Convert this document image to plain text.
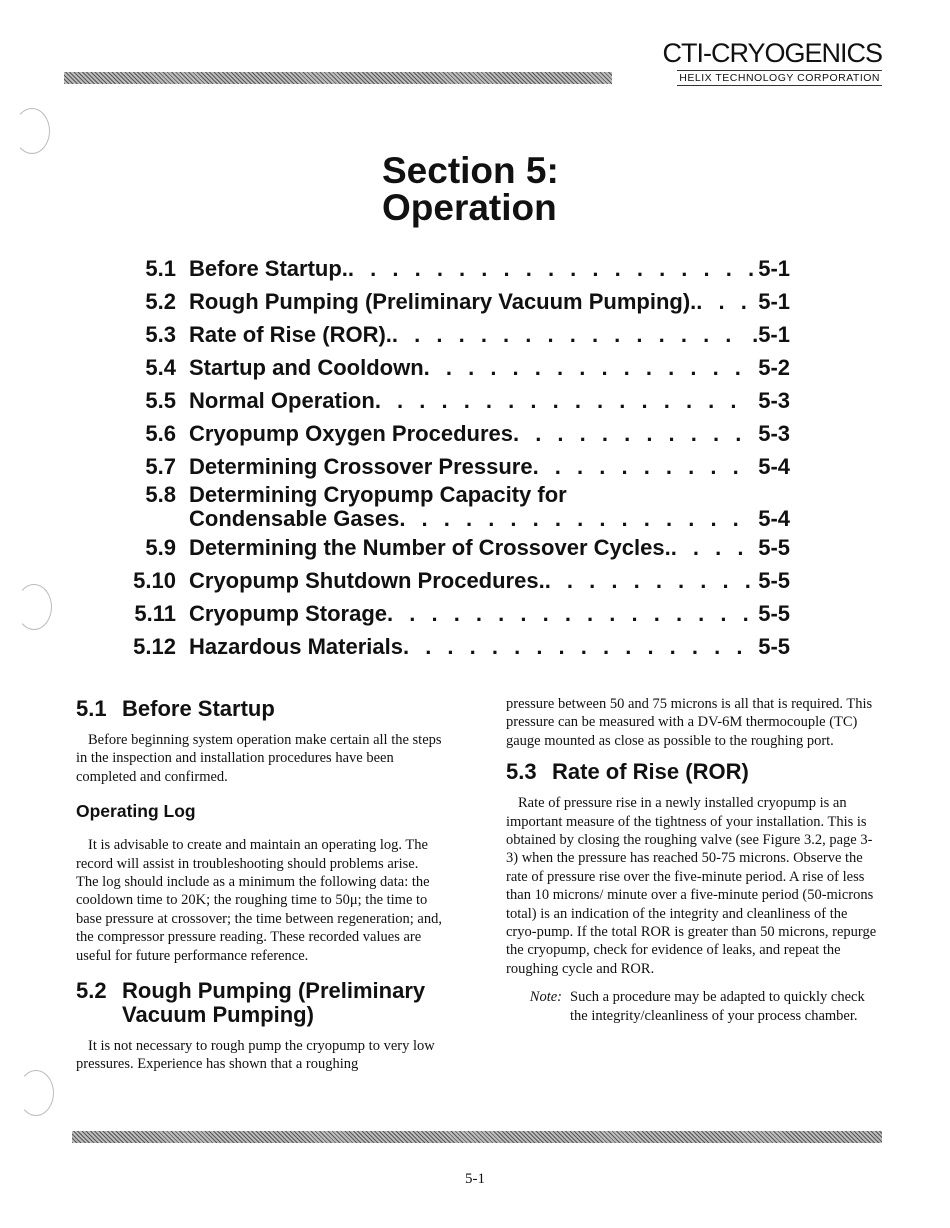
CTI-CRYOGENICS
HELIX TECHNOLOGY CORPORATION
Section 5:
Operation
5.1 Before Startup. . . .	5-1
5.2 Rough Pumping (Preliminary Vacuum Pumping). . . .	5-1
5.3 Rate of Rise (ROR). . . .	.5-1
5.4 Startup and Cooldown . . .	5-2
5.5 Normal Operation . . .	5-3
5.6 Cryopump Oxygen Procedures . . .	5-3
5.7 Determining Crossover Pressure . . .	5-4
5.8 Determining Cryopump Capacity for
Condensable Gases . . .	5-4
5.9 Determining the Number of Crossover Cycles. . . .	5-5
5.10 Cryopump Shutdown Procedures. . . .	5-5
5.11 Cryopump Storage . . .	5-5
5.12 Hazardous Materials . . .	5-5
5.1 Before Startup

Before beginning system operation make certain all the steps in the inspection and installation procedures have been completed and confirmed.

Operating Log

It is advisable to create and maintain an operating log. The record will assist in troubleshooting should problems arise. The log should include as a minimum the following data: the cooldown time to 20K; the roughing time to 50μ; the time to base pressure at crossover; the time between regeneration; and, the compressor pressure reading. These recorded values are useful for future performance reference.

5.2 Rough Pumping (Preliminary Vacuum Pumping)

It is not necessary to rough pump the cryopump to very low pressures. Experience has shown that a roughing

pressure between 50 and 75 microns is all that is required. This pressure can be measured with a DV-6M thermocouple (TC) gauge mounted as close as possible to the roughing port.

5.3 Rate of Rise (ROR)

Rate of pressure rise in a newly installed cryopump is an important measure of the tightness of your installation. This is obtained by closing the roughing valve (see Figure 3.2, page 3-3) when the pressure has reached 50-75 microns. Observe the rate of pressure rise over the five-minute period. A rise of less than 10 microns/ minute over a five-minute period (50-microns total) is an indication of the integrity and cleanliness of the cryo-pump. If the total ROR is greater than 50 microns, repurge the cryopump, check for evidence of leaks, and repeat the roughing cycle and ROR.

Note: Such a procedure may be adapted to quickly check the integrity/cleanliness of your process chamber.
5-1
